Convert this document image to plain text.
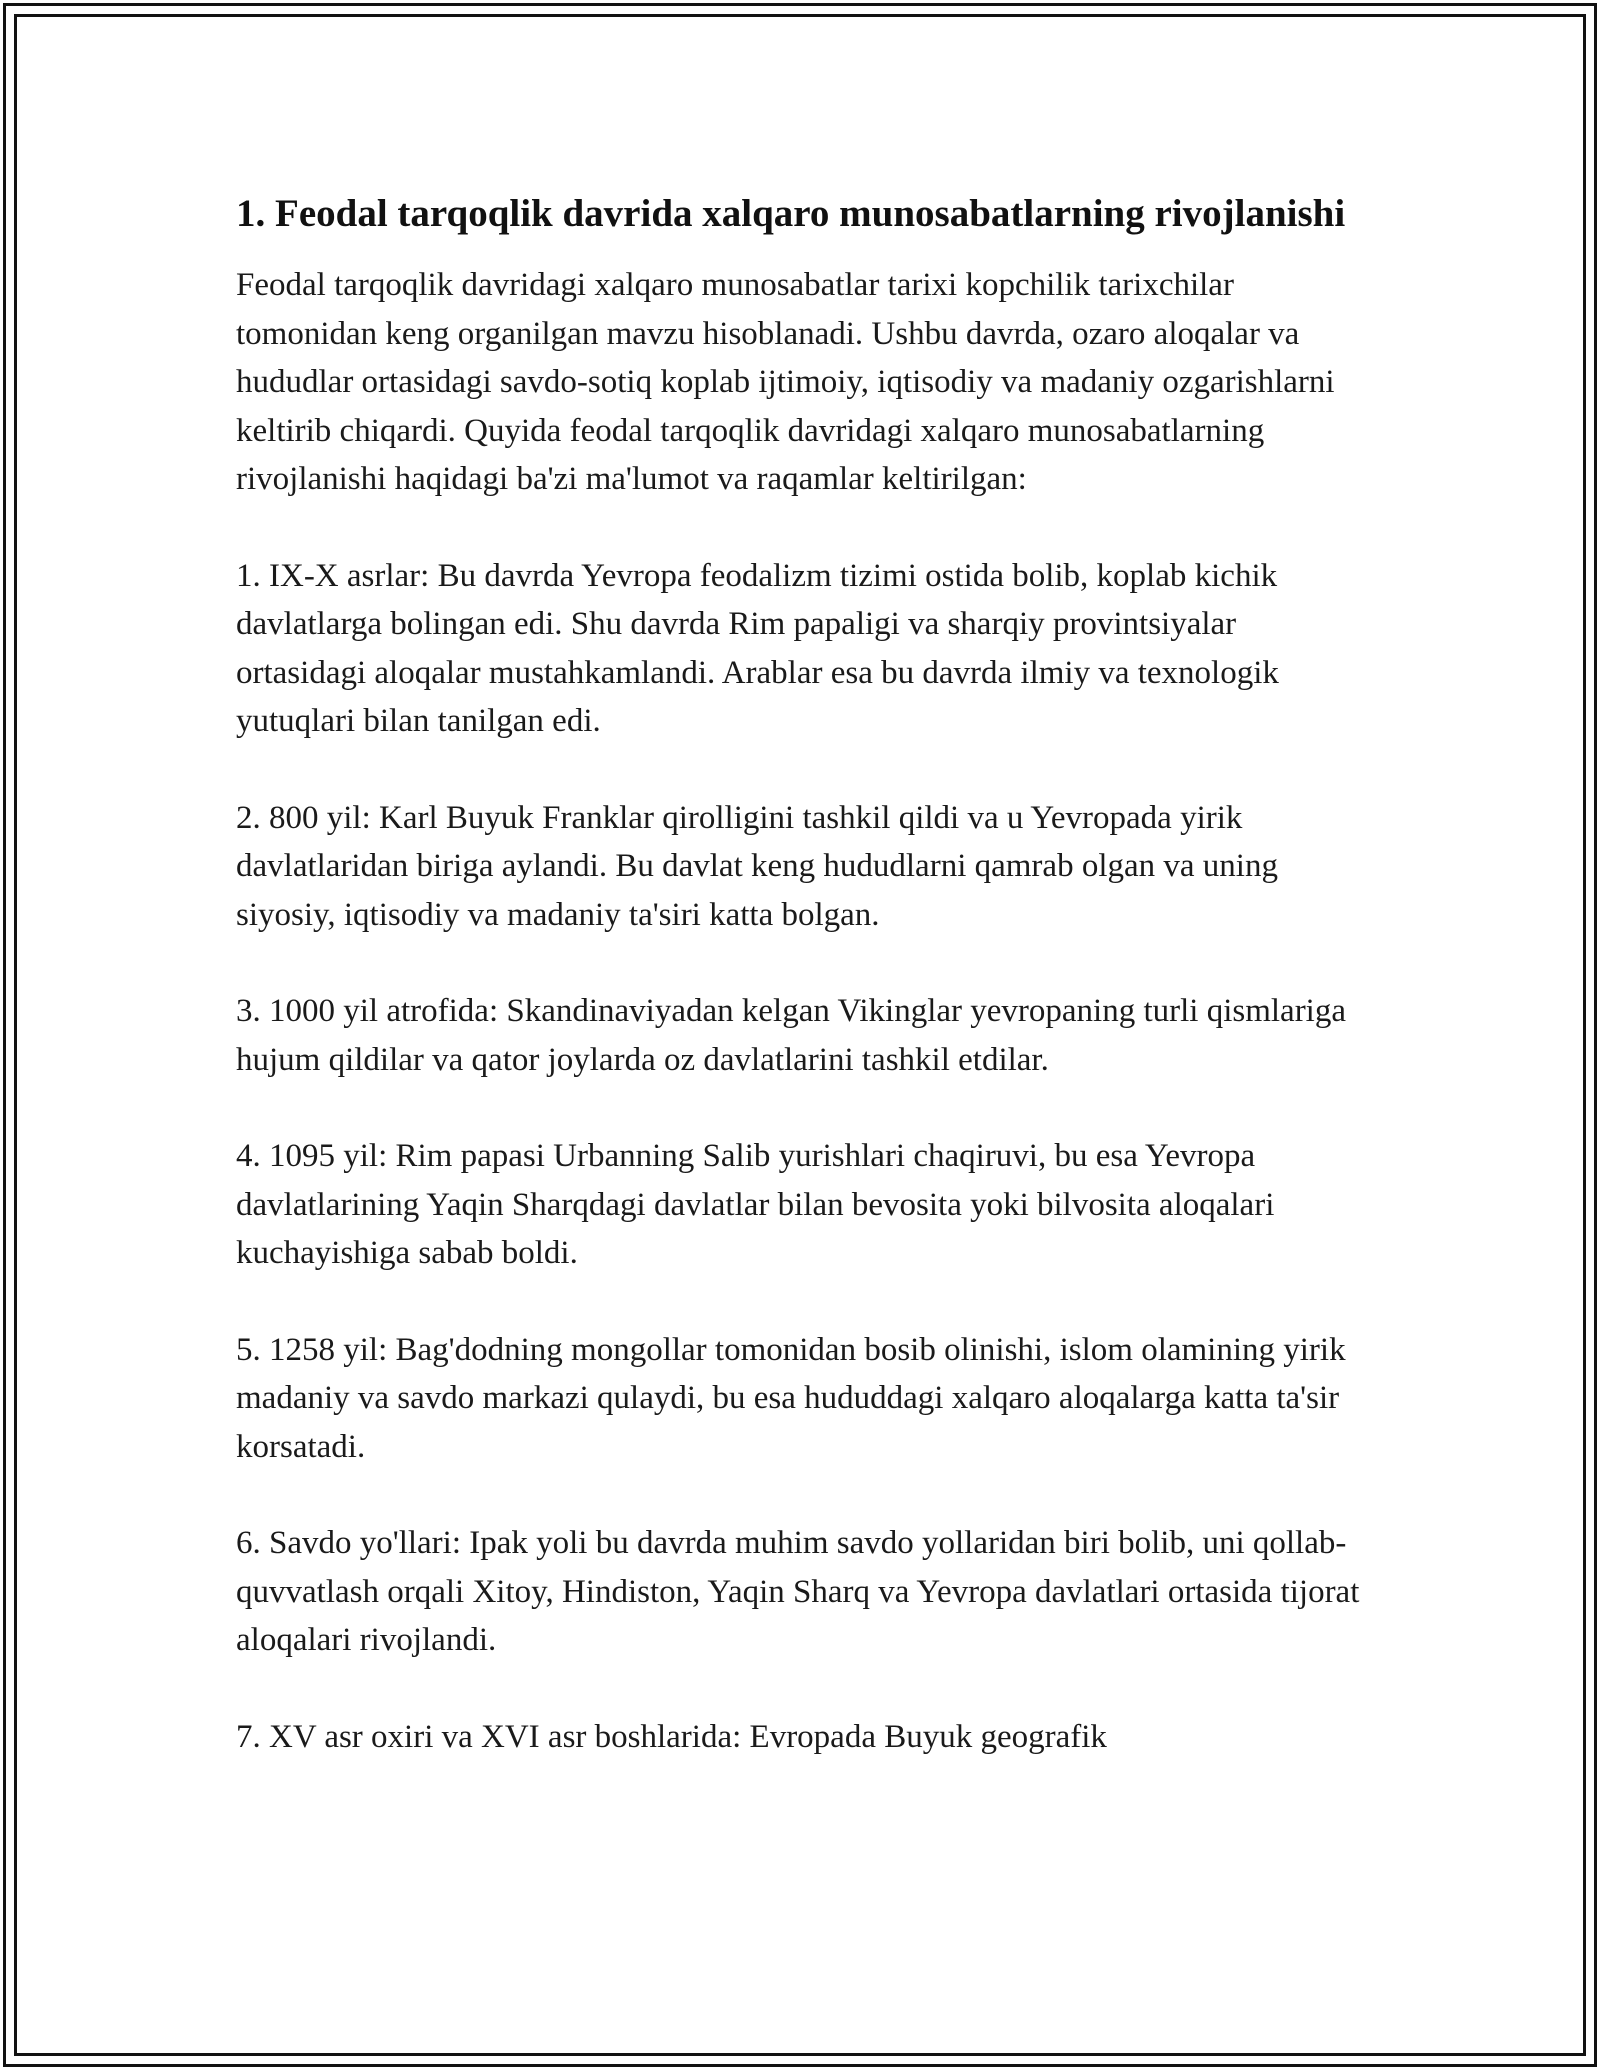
1. Feodal tarqoqlik davrida xalqaro munosabatlarning rivojlanishi

Feodal tarqoqlik davridagi xalqaro munosabatlar tarixi kopchilik tarixchilar tomonidan keng organilgan mavzu hisoblanadi. Ushbu davrda, ozaro aloqalar va hududlar ortasidagi savdo-sotiq koplab ijtimoiy, iqtisodiy va madaniy ozgarishlarni keltirib chiqardi. Quyida feodal tarqoqlik davridagi xalqaro munosabatlarning rivojlanishi haqidagi ba'zi ma'lumot va raqamlar keltirilgan:

1. IX-X asrlar: Bu davrda Yevropa feodalizm tizimi ostida bolib, koplab kichik davlatlarga bolingan edi. Shu davrda Rim papaligi va sharqiy provintsiyalar ortasidagi aloqalar mustahkamlandi. Arablar esa bu davrda ilmiy va texnologik yutuqlari bilan tanilgan edi.

2. 800 yil: Karl Buyuk Franklar qirolligini tashkil qildi va u Yevropada yirik davlatlaridan biriga aylandi. Bu davlat keng hududlarni qamrab olgan va uning siyosiy, iqtisodiy va madaniy ta'siri katta bolgan.

3. 1000 yil atrofida: Skandinaviyadan kelgan Vikinglar yevropaning turli qismlariga hujum qildilar va qator joylarda oz davlatlarini tashkil etdilar.

4. 1095 yil: Rim papasi Urbanning Salib yurishlari chaqiruvi, bu esa Yevropa davlatlarining Yaqin Sharqdagi davlatlar bilan bevosita yoki bilvosita aloqalari kuchayishiga sabab boldi.

5. 1258 yil: Bag'dodning mongollar tomonidan bosib olinishi, islom olamining yirik madaniy va savdo markazi qulaydi, bu esa hududdagi xalqaro aloqalarga katta ta'sir korsatadi.

6. Savdo yo'llari: Ipak yoli bu davrda muhim savdo yollaridan biri bolib, uni qollab-quvvatlash orqali Xitoy, Hindiston, Yaqin Sharq va Yevropa davlatlari ortasida tijorat aloqalari rivojlandi.

7. XV asr oxiri va XVI asr boshlarida: Evropada Buyuk geografik
